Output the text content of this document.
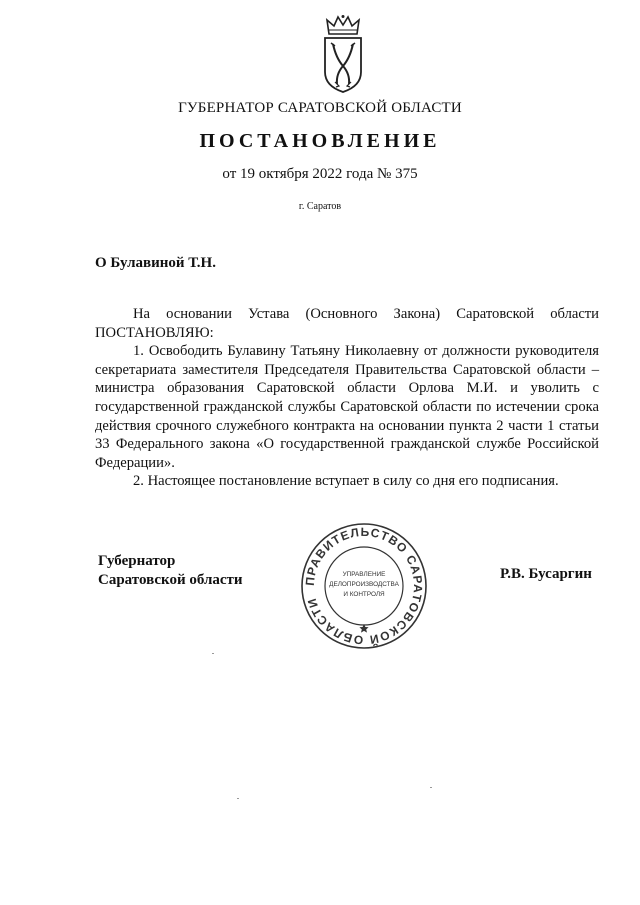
ГУБЕРНАТОР САРАТОВСКОЙ ОБЛАСТИ
ПОСТАНОВЛЕНИЕ
от 19 октября 2022 года № 375
г. Саратов
О Булавиной Т.Н.

На основании Устава (Основного Закона) Саратовской области ПОСТАНОВЛЯЮ:

1. Освободить Булавину Татьяну Николаевну от должности руководителя секретариата заместителя Председателя Правительства Саратовской области – министра образования Саратовской области Орлова М.И. и уволить с государственной гражданской службы Саратовской области по истечении срока действия срочного служебного контракта на основании пункта 2 части 1 статьи 33 Федерального закона «О государственной гражданской службе Российской Федерации».

2. Настоящее постановление вступает в силу со дня его подписания.

Губернатор
Саратовской области	ПРАВИТЕЛЬСТВО САРАТОВСКОЙ ОБЛАСТИ
УПРАВЛЕНИЕ
ДЕЛОПРОИЗВОДСТВА
И КОНТРОЛЯ
Р.В. Бусаргин
